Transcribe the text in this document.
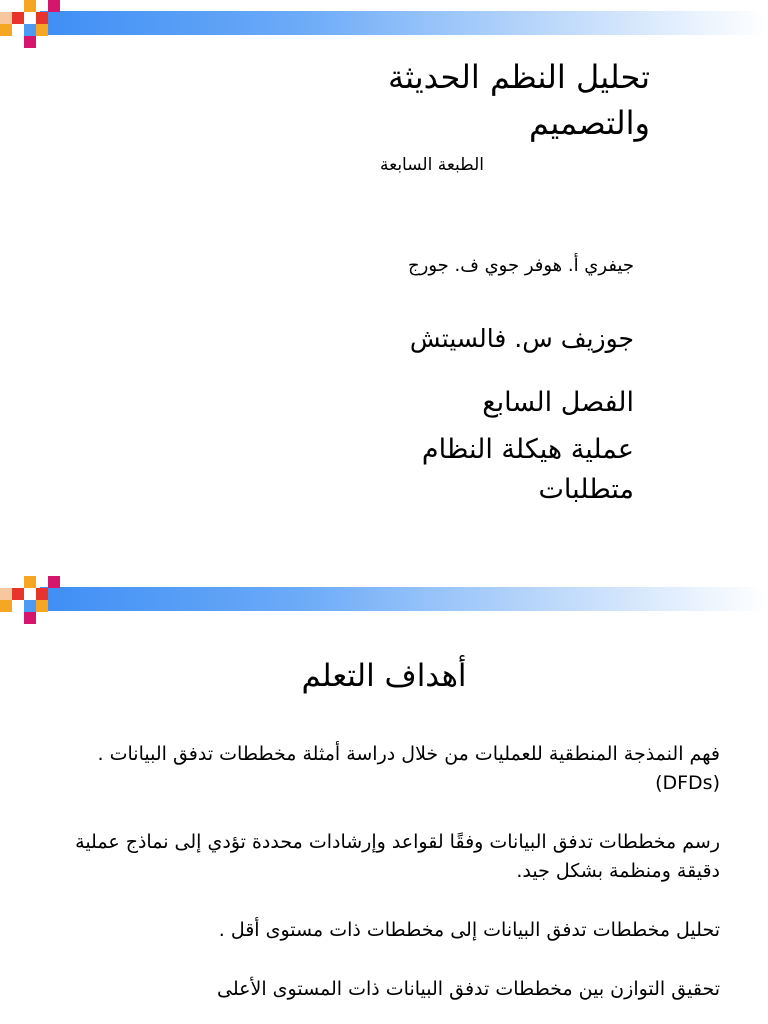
تحليل النظم الحديثة
والتصميم
الطبعة السابعة
جيفري أ. هوفر جوي ف. جورج
جوزيف س. فالسيتش
الفصل السابع
عملية هيكلة النظام
متطلبات
أهداف التعلم
فهم النمذجة المنطقية للعمليات من خلال دراسة أمثلة مخططات تدفق البيانات .(DFDs)
رسم مخططات تدفق البيانات وفقًا لقواعد وإرشادات محددة تؤدي إلى نماذج عملية دقيقة ومنظمة بشكل جيد.
تحليل مخططات تدفق البيانات إلى مخططات ذات مستوى أقل .
تحقيق التوازن بين مخططات تدفق البيانات ذات المستوى الأعلى
